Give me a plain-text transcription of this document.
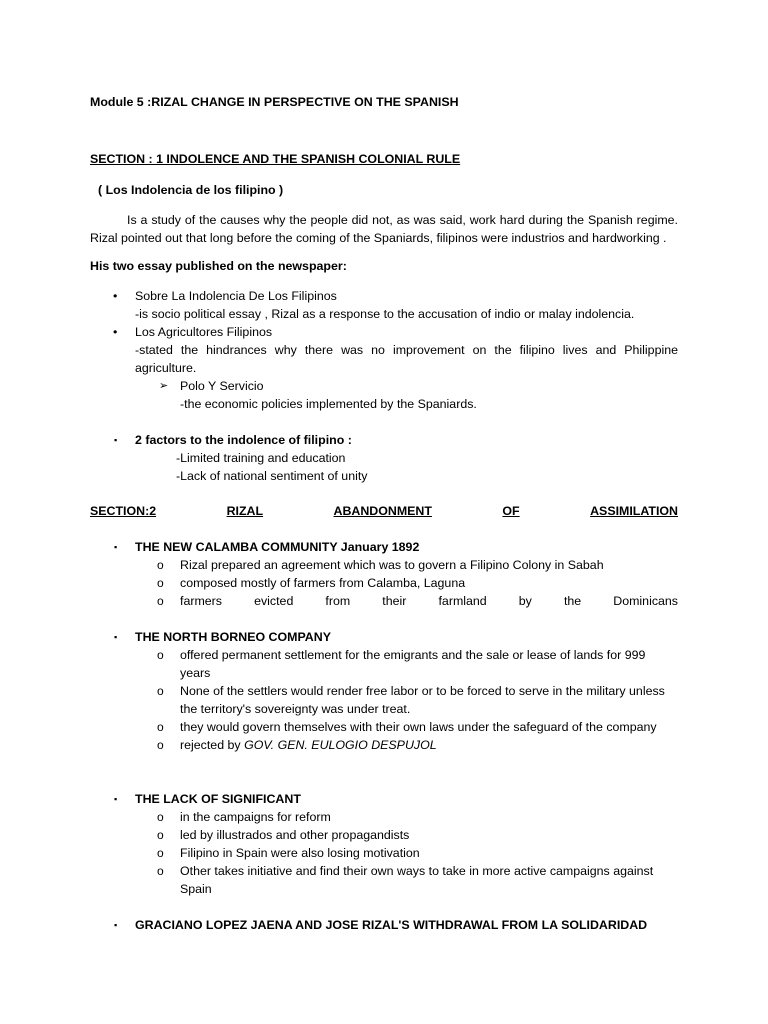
Module 5 :RIZAL CHANGE IN PERSPECTIVE ON THE SPANISH
SECTION : 1 INDOLENCE AND THE SPANISH COLONIAL RULE
( Los Indolencia de los filipino )
Is a study of the causes why the people did not, as was said, work hard during the Spanish regime. Rizal pointed out that long before the coming of the Spaniards, filipinos were industrios and hardworking .
His two essay published on the newspaper:
• Sobre La Indolencia De Los Filipinos
-is socio political essay , Rizal as a response to the accusation of indio or malay indolencia.
• Los Agricultores Filipinos
-stated the hindrances why there was no improvement on the filipino lives and Philippine agriculture.
➢ Polo Y Servicio
-the economic policies implemented by the Spaniards.
▪ 2 factors to the indolence of filipino :
-Limited training and education
-Lack of national sentiment of unity
SECTION:2	RIZAL	ABANDONMENT	OF	ASSIMILATION
▪ THE NEW CALAMBA COMMUNITY January 1892
o Rizal prepared an agreement which was to govern a Filipino Colony in Sabah
o composed mostly of farmers from Calamba, Laguna
o farmers	evicted	from	their	farmland	by	the	Dominicans
▪ THE NORTH BORNEO COMPANY
o offered permanent settlement for the emigrants and the sale or lease of lands for 999 years
o None of the settlers would render free labor or to be forced to serve in the military unless the territory's sovereignty was under treat.
o they would govern themselves with their own laws under the safeguard of the company
o rejected by GOV. GEN. EULOGIO DESPUJOL
▪ THE LACK OF SIGNIFICANT
o in the campaigns for reform
o led by illustrados and other propagandists
o Filipino in Spain were also losing motivation
o Other takes initiative and find their own ways to take in more active campaigns against Spain
▪ GRACIANO LOPEZ JAENA AND JOSE RIZAL'S WITHDRAWAL FROM LA SOLIDARIDAD
